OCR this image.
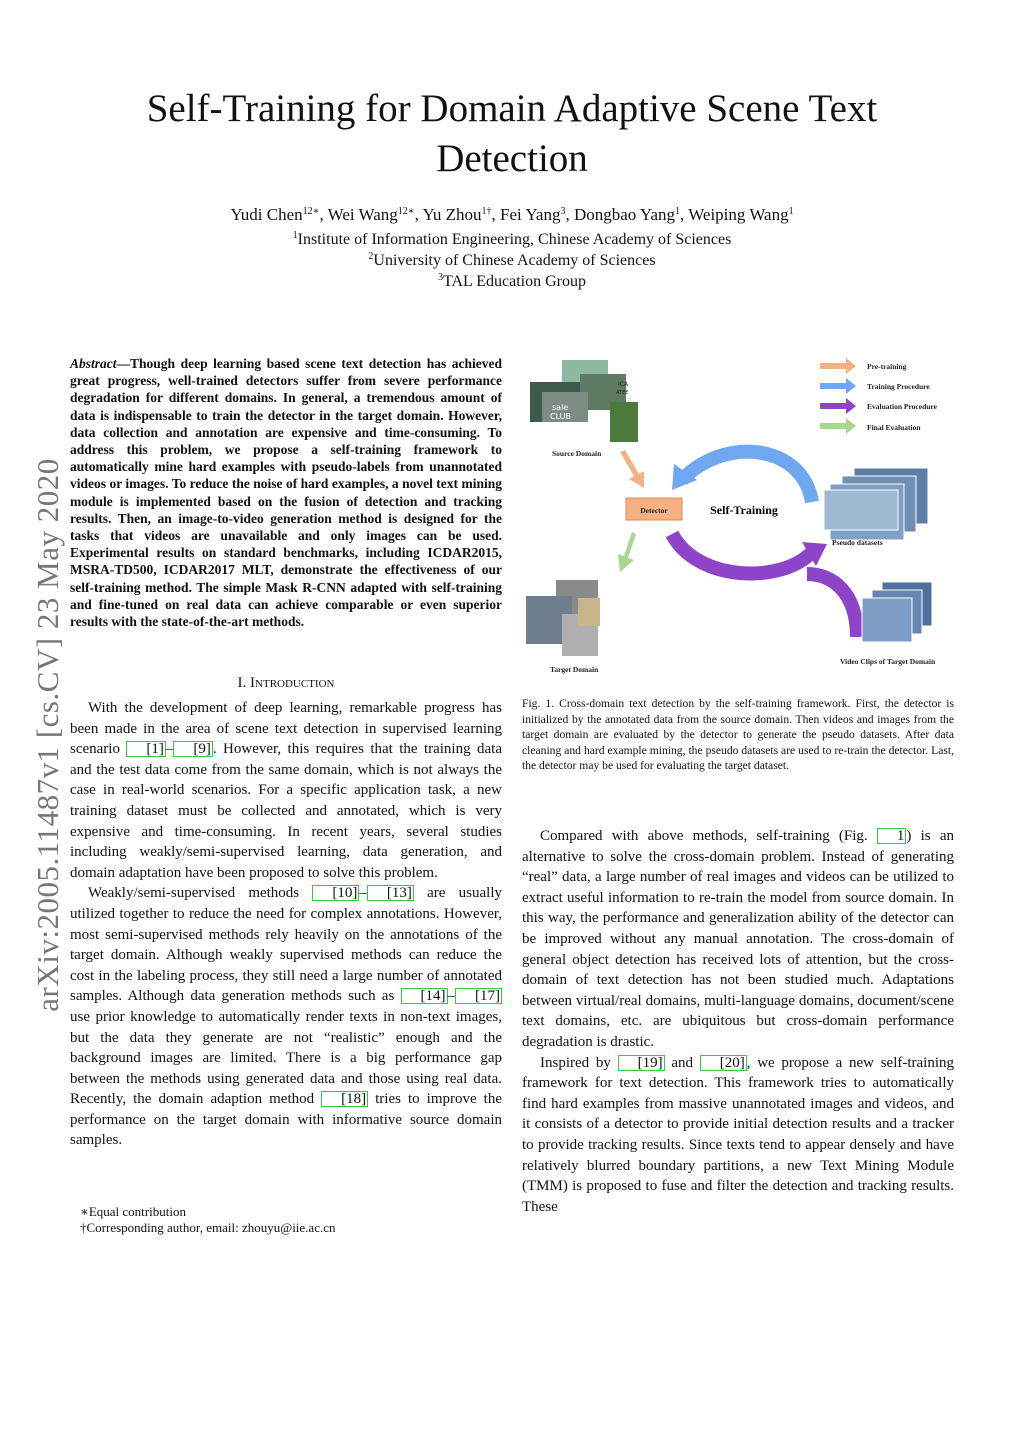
Self-Training for Domain Adaptive Scene Text
Detection
Yudi Chen$^{12∗}$, Wei Wang$^{12∗}$, Yu Zhou$^{1\dagger}$, Fei Yang$^3$, Dongbao Yang$^1$, Weiping Wang$^1$
$^1$Institute of Information Engineering, Chinese Academy of Sciences
$^2$University of Chinese Academy of Sciences
$^3$TAL Education Group
arXiv:2005.11487v1 [cs.CV] 23 May 2020
Abstract—Though deep learning based scene text detection has achieved great progress, well-trained detectors suffer from severe performance degradation for different domains. In general, a tremendous amount of data is indispensable to train the detector in the target domain. However, data collection and annotation are expensive and time-consuming. To address this problem, we propose a self-training framework to automatically mine hard examples with pseudo-labels from unannotated videos or images. To reduce the noise of hard examples, a novel text mining module is implemented based on the fusion of detection and tracking results. Then, an image-to-video generation method is designed for the tasks that videos are unavailable and only images can be used. Experimental results on standard benchmarks, including ICDAR2015, MSRA-TD500, ICDAR2017 MLT, demonstrate the effectiveness of our self-training method. The simple Mask R-CNN adapted with self-training and fine-tuned on real data can achieve comparable or even superior results with the state-of-the-art methods.
I. Introduction

With the development of deep learning, remarkable progress has been made in the area of scene text detection in supervised learning scenario [1] – [9] . However, this requires that the training data and the test data come from the same domain, which is not always the case in real-world scenarios. For a specific application task, a new training dataset must be collected and annotated, which is very expensive and time-consuming. In recent years, several studies including weakly/semi-supervised learning, data generation, and domain adaptation have been proposed to solve this problem.

Weakly/semi-supervised methods [10] – [13] are usually utilized together to reduce the need for complex annotations. However, most semi-supervised methods rely heavily on the annotations of the target domain. Although weakly supervised methods can reduce the cost in the labeling process, they still need a large number of annotated samples. Although data generation methods such as [14] – [17] use prior knowledge to automatically render texts in non-text images, but the data they generate are not “realistic” enough and the background images are limited. There is a big performance gap between the methods using generated data and those using real data. Recently, the domain adaption method [18] tries to improve the performance on the target domain with informative source domain samples.

∗Equal contribution
†Corresponding author, email: zhouyu@iie.ac.cn
sale
CLUB
ICA
ATEE
Source Domain
Pre-training
Training Procedure
Evaluation Procedure
Final Evaluation
Detector	Self-Training
Pseudo datasets
Video Clips of Target Domain
Target Domain
Fig. 1. Cross-domain text detection by the self-training framework. First, the detector is initialized by the annotated data from the source domain. Then videos and images from the target domain are evaluated by the detector to generate the pseudo datasets. After data cleaning and hard example mining, the pseudo datasets are used to re-train the detector. Last, the detector may be used for evaluating the target dataset.

Compared with above methods, self-training (Fig. 1 ) is an alternative to solve the cross-domain problem. Instead of generating “real” data, a large number of real images and videos can be utilized to extract useful information to re-train the model from source domain. In this way, the performance and generalization ability of the detector can be improved without any manual annotation. The cross-domain of general object detection has received lots of attention, but the cross-domain of text detection has not been studied much. Adaptations between virtual/real domains, multi-language domains, document/scene text domains, etc. are ubiquitous but cross-domain performance degradation is drastic.

Inspired by [19] and [20] , we propose a new self-training framework for text detection. This framework tries to automatically find hard examples from massive unannotated images and videos, and it consists of a detector to provide initial detection results and a tracker to provide tracking results. Since texts tend to appear densely and have relatively blurred boundary partitions, a new Text Mining Module (TMM) is proposed to fuse and filter the detection and tracking results. These
